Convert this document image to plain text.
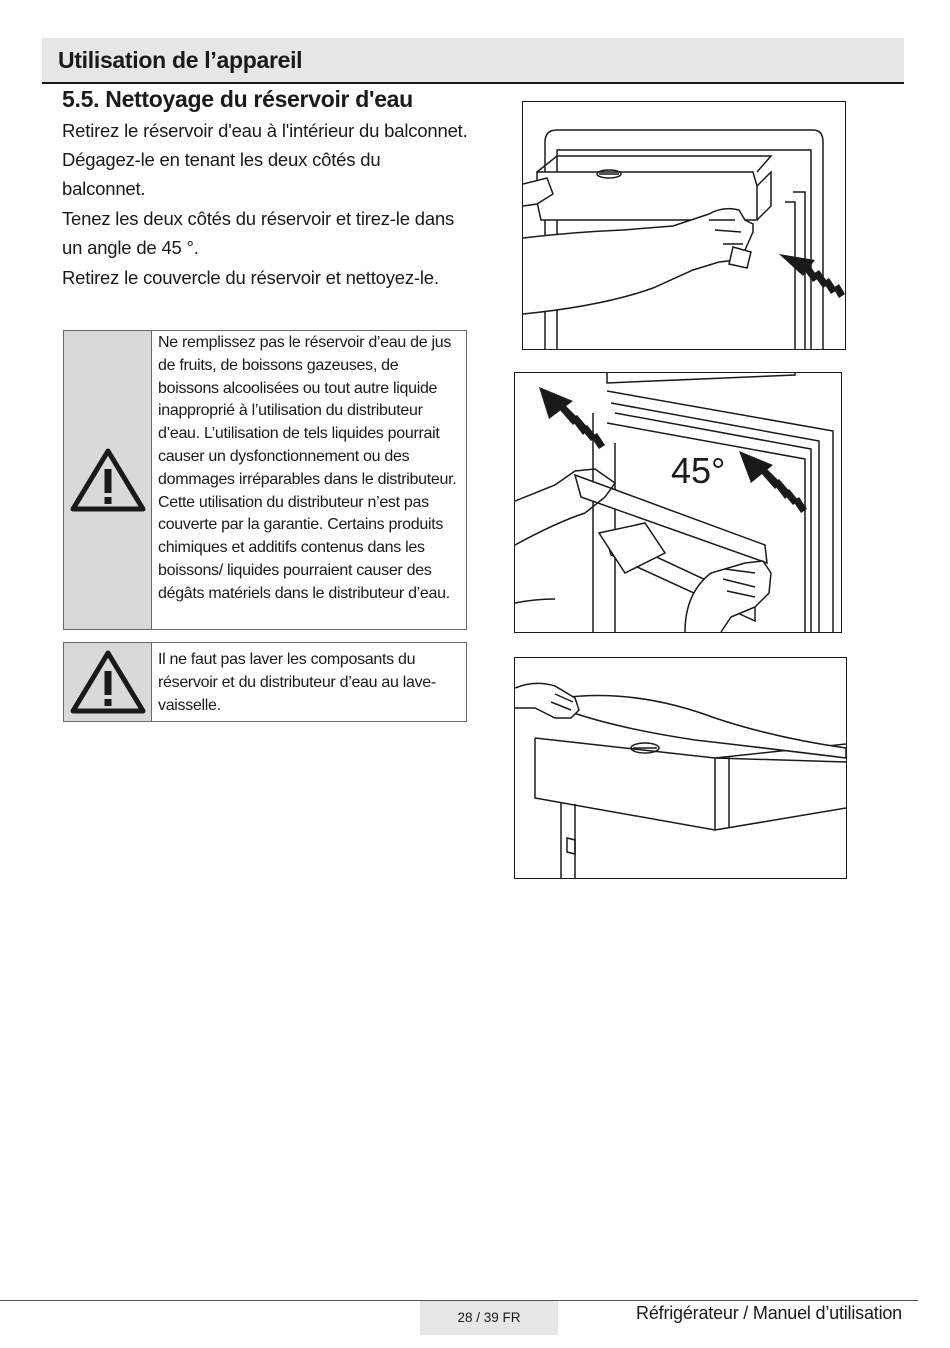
Utilisation de l’appareil
5.5. Nettoyage du réservoir d'eau

Retirez le réservoir d'eau à l'intérieur du balconnet.

Dégagez-le en tenant les deux côtés du balconnet.

Tenez les deux côtés du réservoir et tirez-le dans un angle de 45 °.

Retirez le couvercle du réservoir et nettoyez-le.

Ne remplissez pas le réservoir d’eau de jus de fruits, de boissons gazeuses, de boissons alcoolisées ou tout autre liquide inapproprié à l’utilisation du distributeur d’eau. L’utilisation de tels liquides pourrait causer un dysfonctionnement ou des dommages irréparables dans le distributeur. Cette utilisation du distributeur n’est pas couverte par la garantie. Certains produits chimiques et additifs contenus dans les boissons/ liquides pourraient causer des dégâts matériels dans le distributeur d’eau.

Il ne faut pas laver les composants du réservoir et du distributeur d’eau au lave-vaisselle.

45°
28 / 39 FR	Réfrigérateur / Manuel d’utilisation
